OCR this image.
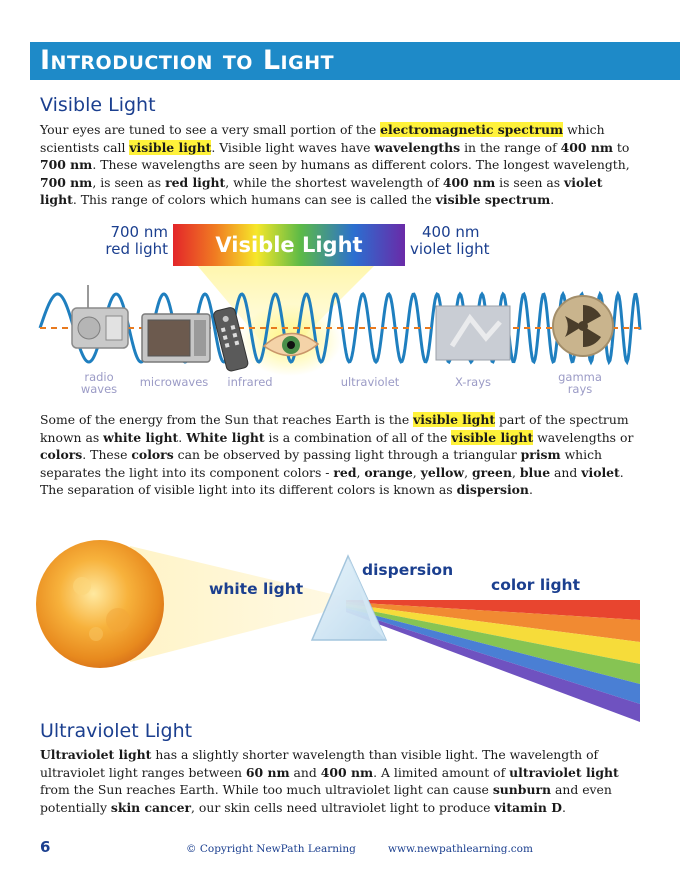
Introduction to Light
Visible Light

Your eyes are tuned to see a very small portion of the electromagnetic spectrum which scientists call visible light. Visible light waves have wavelengths in the range of 400 nm to 700 nm. These wavelengths are seen by humans as different colors. The longest wavelength, 700 nm, is seen as red light, while the shortest wavelength of 400 nm is seen as violet light. This range of colors which humans can see is called the visible spectrum.

Visible Light
700 nm
red light
400 nm
violet light
radio
waves	microwaves	infrared	ultraviolet	X-rays	gamma
rays

Some of the energy from the Sun that reaches Earth is the visible light part of the spectrum known as white light. White light is a combination of all of the visible light wavelengths or colors. These colors can be observed by passing light through a triangular prism which separates the light into its component colors - red, orange, yellow, green, blue and violet. The separation of visible light into its different colors is known as dispersion.

white light
dispersion
color light
Ultraviolet Light

Ultraviolet light has a slightly shorter wavelength than visible light. The wavelength of ultraviolet light ranges between 60 nm and 400 nm. A limited amount of ultraviolet light from the Sun reaches Earth. While too much ultraviolet light can cause sunburn and even potentially skin cancer, our skin cells need ultraviolet light to produce vitamin D.

6	© Copyright NewPath Learning	www.newpathlearning.com
